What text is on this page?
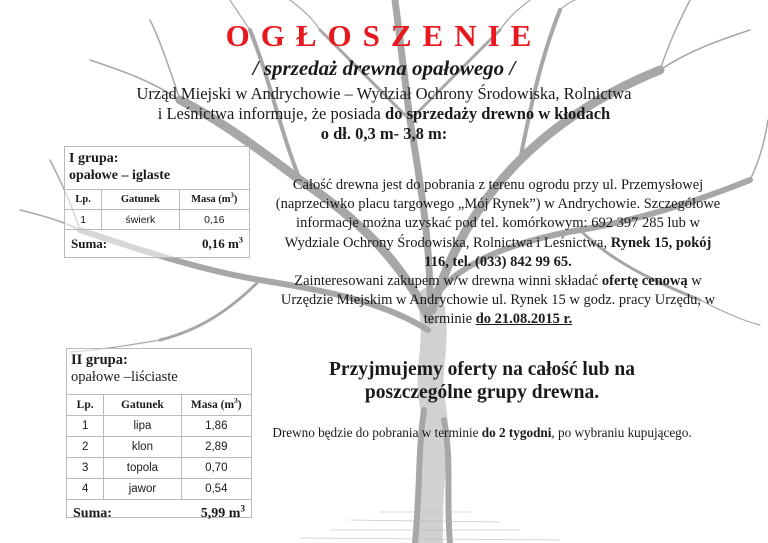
OGŁOSZENIE
/ sprzedaż drewna opałowego /
Urząd Miejski w Andrychowie – Wydział Ochrony Środowiska, Rolnictwa
i Leśnictwa informuje, że posiada do sprzedaży drewno w kłodach
o dł. 0,3 m- 3,8 m:
I grupa:
opałowe – iglaste
Lp.	Gatunek	Masa $(m^3)$
1	świerk	0,16
Suma:	0,16 $m^3$
II grupa:
opałowe –liściaste
Lp.	Gatunek	Masa $(m^3)$
1	lipa	1,86
2	klon	2,89
3	topola	0,70
4	jawor	0,54
Suma:	5,99 $m^3$
Całość drewna jest do pobrania z terenu ogrodu przy ul. Przemysłowej (naprzeciwko placu targowego „Mój Rynek”) w Andrychowie. Szczegółowe informacje można uzyskać pod tel. komórkowym: 692 397 285 lub w Wydziale Ochrony Środowiska, Rolnictwa i Leśnictwa, Rynek 15, pokój 116, tel. (033) 842 99 65.
Zainteresowani zakupem w/w drewna winni składać ofertę cenową w Urzędzie Miejskim w Andrychowie ul. Rynek 15 w godz. pracy Urzędu, w terminie do 21.08.2015 r.
Przyjmujemy oferty na całość lub na poszczególne grupy drewna.
Drewno będzie do pobrania w terminie do 2 tygodni, po wybraniu kupującego.
